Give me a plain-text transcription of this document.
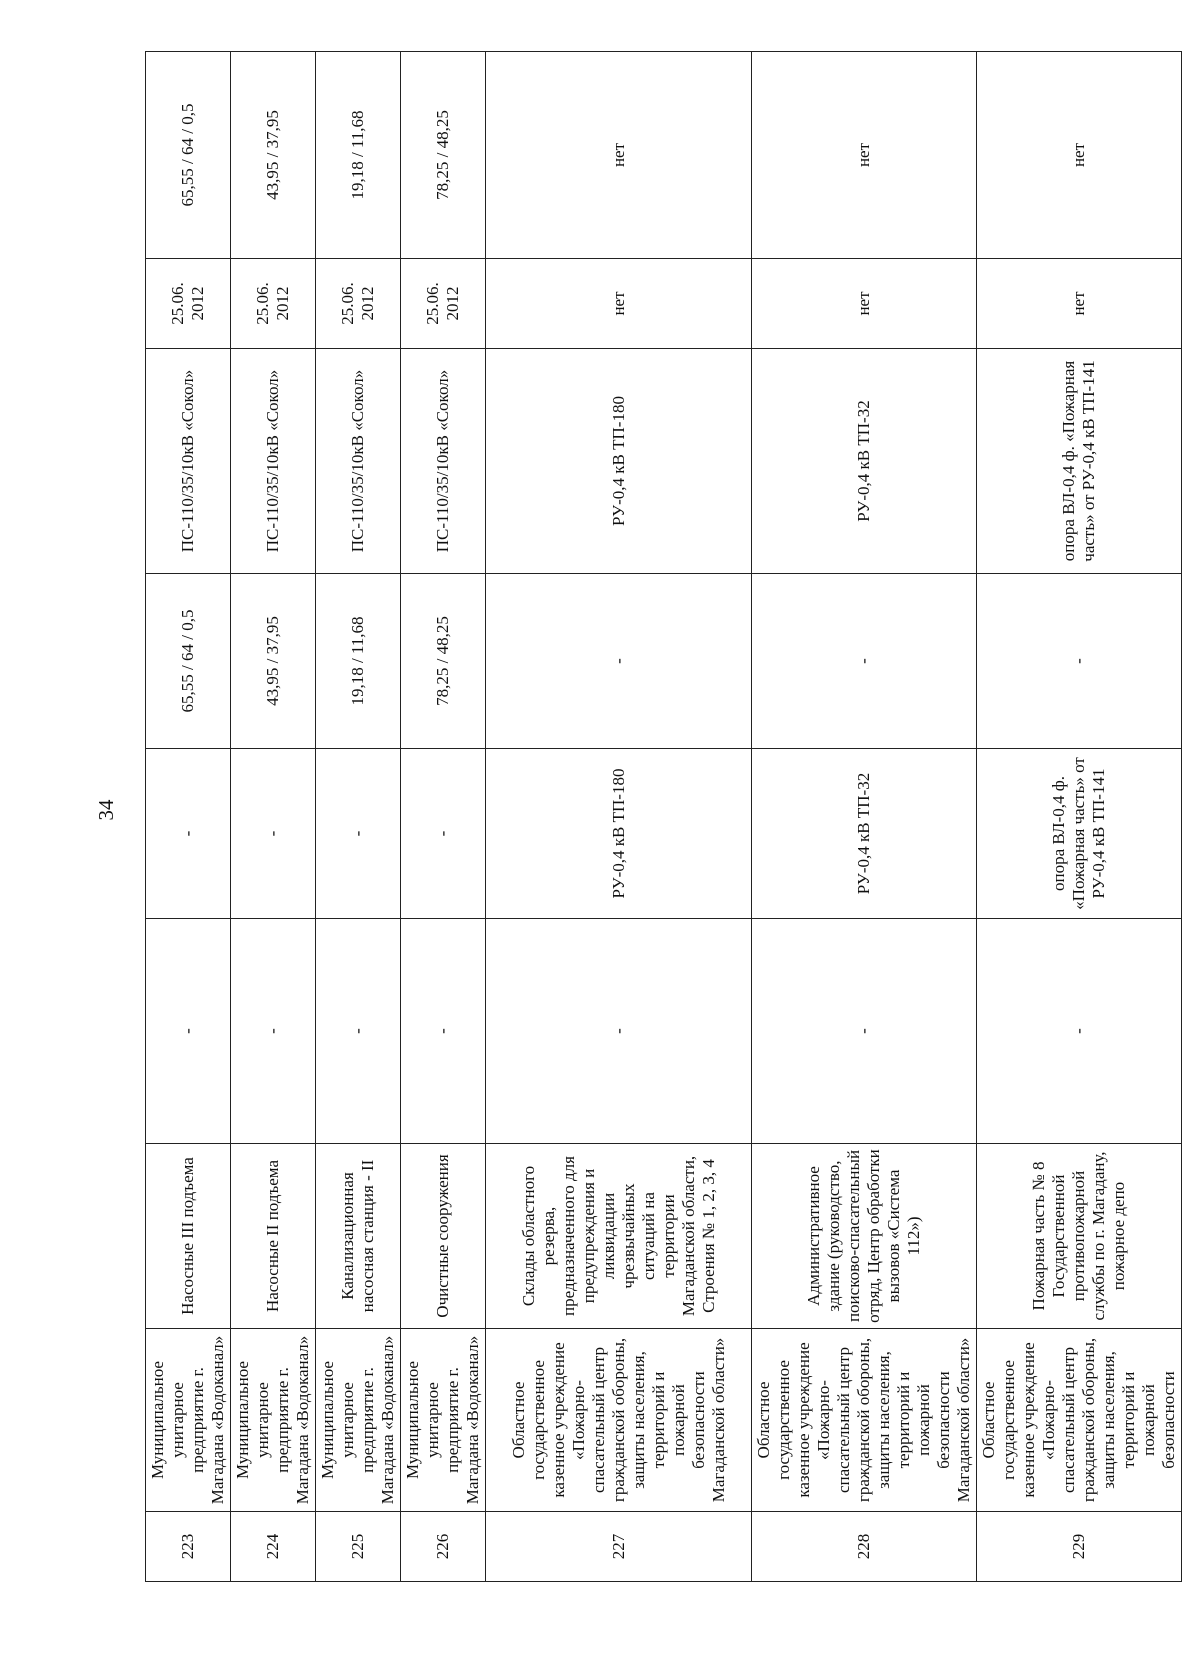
34
223	Муниципальное унитарное предприятие г. Магадана «Водоканал»	Насосные III подъема	-	-	65,55 / 64 / 0,5	ПС-110/35/10кВ «Сокол»	25.06. 2012	65,55 / 64 / 0,5
224	Муниципальное унитарное предприятие г. Магадана «Водоканал»	Насосные II подъема	-	-	43,95 / 37,95	ПС-110/35/10кВ «Сокол»	25.06. 2012	43,95 / 37,95
225	Муниципальное унитарное предприятие г. Магадана «Водоканал»	Канализационная насосная станция - II	-	-	19,18 / 11,68	ПС-110/35/10кВ «Сокол»	25.06. 2012	19,18 / 11,68
226	Муниципальное унитарное предприятие г. Магадана «Водоканал»	Очистные сооружения	-	-	78,25 / 48,25	ПС-110/35/10кВ «Сокол»	25.06. 2012	78,25 / 48,25
227	Областное государственное казенное учреждение «Пожарно-спасательный центр гражданской обороны, защиты населения, территорий и пожарной безопасности Магаданской области»	Склады областного резерва, предназначенного для предупреждения и ликвидации чрезвычайных ситуаций на территории Магаданской области, Строения № 1, 2, 3, 4	-	РУ-0,4 кВ ТП-180	-	РУ-0,4 кВ ТП-180	нет	нет
228	Областное государственное казенное учреждение «Пожарно-спасательный центр гражданской обороны, защиты населения, территорий и пожарной безопасности Магаданской области»	Административное здание (руководство, поисково-спасательный отряд, Центр обработки вызовов «Система 112»)	-	РУ-0,4 кВ ТП-32	-	РУ-0,4 кВ ТП-32	нет	нет
229	Областное государственное казенное учреждение «Пожарно-спасательный центр гражданской обороны, защиты населения, территорий и пожарной безопасности	Пожарная часть № 8 Государственной противопожарной службы по г. Магадану, пожарное депо	-	опора ВЛ-0,4 ф. «Пожарная часть» от РУ-0,4 кВ ТП-141	-	опора ВЛ-0,4 ф. «Пожарная часть» от РУ-0,4 кВ ТП-141	нет	нет
